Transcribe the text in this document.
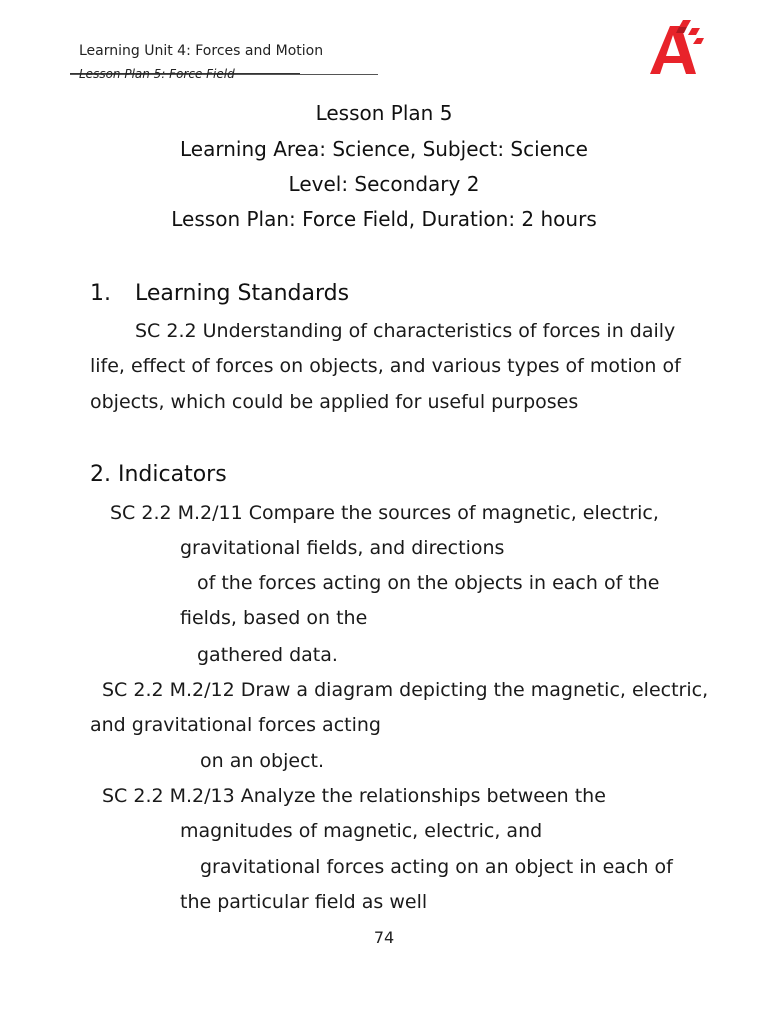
Learning Unit 4: Forces and Motion
Lesson Plan 5: Force Field
Lesson Plan 5
Learning Area: Science, Subject: Science
Level: Secondary 2
Lesson Plan: Force Field, Duration: 2 hours
1. Learning Standards
SC 2.2 Understanding of characteristics of forces in daily
life, effect of forces on objects, and various types of motion of
objects, which could be applied for useful purposes
2. Indicators
SC 2.2 M.2/11 Compare the sources of magnetic, electric,
gravitational fields, and directions
of the forces acting on the objects in each of the
fields, based on the
gathered data.
SC 2.2 M.2/12 Draw a diagram depicting the magnetic, electric,
and gravitational forces acting
on an object.
SC 2.2 M.2/13 Analyze the relationships between the
magnitudes of magnetic, electric, and
gravitational forces acting on an object in each of
the particular field as well
74
